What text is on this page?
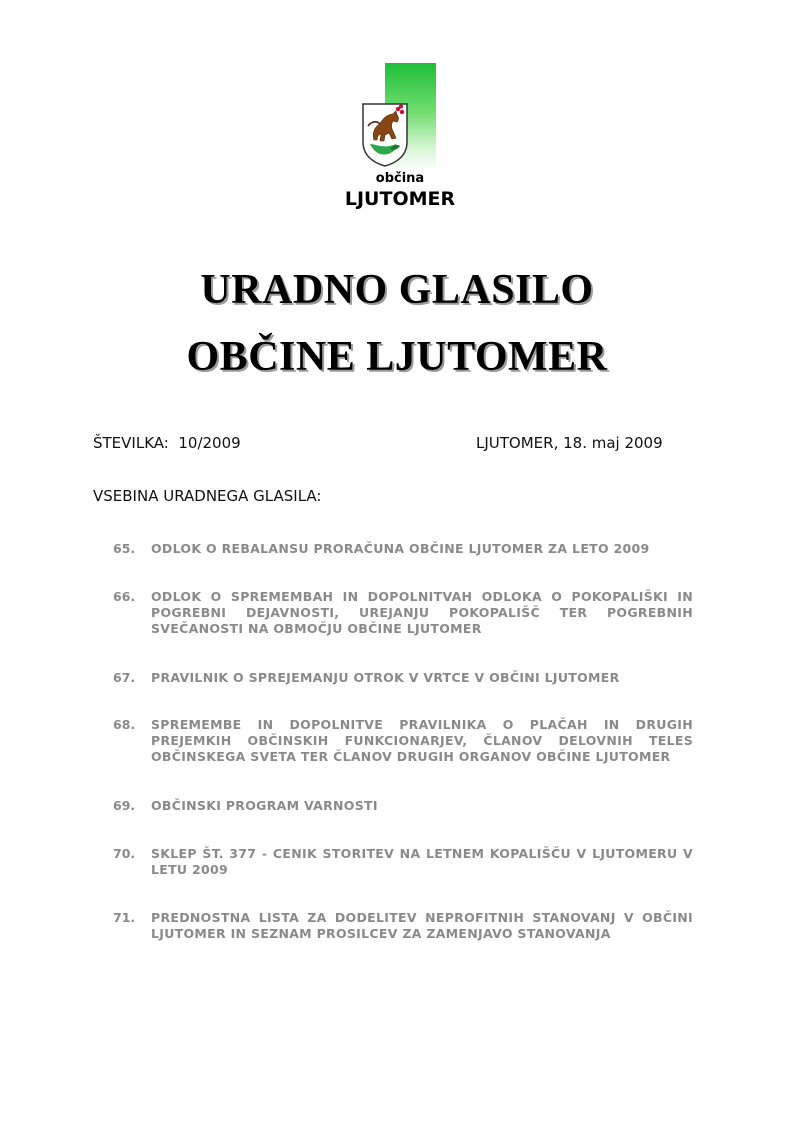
občina
LJUTOMER
URADNO GLASILO
OBČINE LJUTOMER
ŠTEVILKA: 10/2009	LJUTOMER, 18. maj 2009
VSEBINA URADNEGA GLASILA:
65.	ODLOK O REBALANSU PRORAČUNA OBČINE LJUTOMER ZA LETO 2009
66.	ODLOK O SPREMEMBAH IN DOPOLNITVAH ODLOKA O POKOPALIŠKI IN POGREBNI DEJAVNOSTI, UREJANJU POKOPALIŠČ TER POGREBNIH SVEČANOSTI NA OBMOČJU OBČINE LJUTOMER
67.	PRAVILNIK O SPREJEMANJU OTROK V VRTCE V OBČINI LJUTOMER
68.	SPREMEMBE IN DOPOLNITVE PRAVILNIKA O PLAČAH IN DRUGIH PREJEMKIH OBČINSKIH FUNKCIONARJEV, ČLANOV DELOVNIH TELES OBČINSKEGA SVETA TER ČLANOV DRUGIH ORGANOV OBČINE LJUTOMER
69.	OBČINSKI PROGRAM VARNOSTI
70.	SKLEP ŠT. 377 - CENIK STORITEV NA LETNEM KOPALIŠČU V LJUTOMERU V LETU 2009
71.	PREDNOSTNA LISTA ZA DODELITEV NEPROFITNIH STANOVANJ V OBČINI LJUTOMER IN SEZNAM PROSILCEV ZA ZAMENJAVO STANOVANJA
